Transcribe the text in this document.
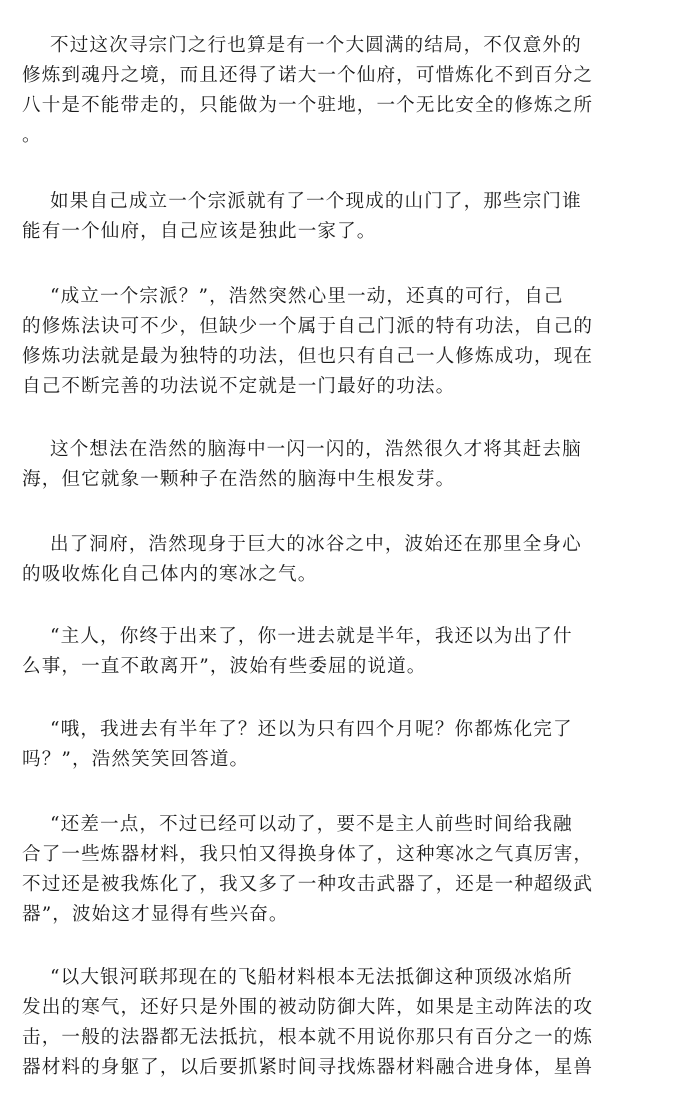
不过这次寻宗门之行也算是有一个大圆满的结局，不仅意外的
修炼到魂丹之境，而且还得了诺大一个仙府，可惜炼化不到百分之
八十是不能带走的，只能做为一个驻地，一个无比安全的修炼之所
。
如果自己成立一个宗派就有了一个现成的山门了，那些宗门谁
能有一个仙府，自己应该是独此一家了。
“成立一个宗派？”，浩然突然心里一动，还真的可行，自己
的修炼法诀可不少，但缺少一个属于自己门派的特有功法，自己的
修炼功法就是最为独特的功法，但也只有自己一人修炼成功，现在
自己不断完善的功法说不定就是一门最好的功法。
这个想法在浩然的脑海中一闪一闪的，浩然很久才将其赶去脑
海，但它就象一颗种子在浩然的脑海中生根发芽。
出了洞府，浩然现身于巨大的冰谷之中，波始还在那里全身心
的吸收炼化自己体内的寒冰之气。
“主人，你终于出来了，你一进去就是半年，我还以为出了什
么事，一直不敢离开”，波始有些委屈的说道。
“哦，我进去有半年了？还以为只有四个月呢？你都炼化完了
吗？”，浩然笑笑回答道。
“还差一点，不过已经可以动了，要不是主人前些时间给我融
合了一些炼器材料，我只怕又得换身体了，这种寒冰之气真厉害，
不过还是被我炼化了，我又多了一种攻击武器了，还是一种超级武
器”，波始这才显得有些兴奋。
“以大银河联邦现在的飞船材料根本无法抵御这种顶级冰焰所
发出的寒气，还好只是外围的被动防御大阵，如果是主动阵法的攻
击，一般的法器都无法抵抗，根本就不用说你那只有百分之一的炼
器材料的身躯了，以后要抓紧时间寻找炼器材料融合进身体，星兽
